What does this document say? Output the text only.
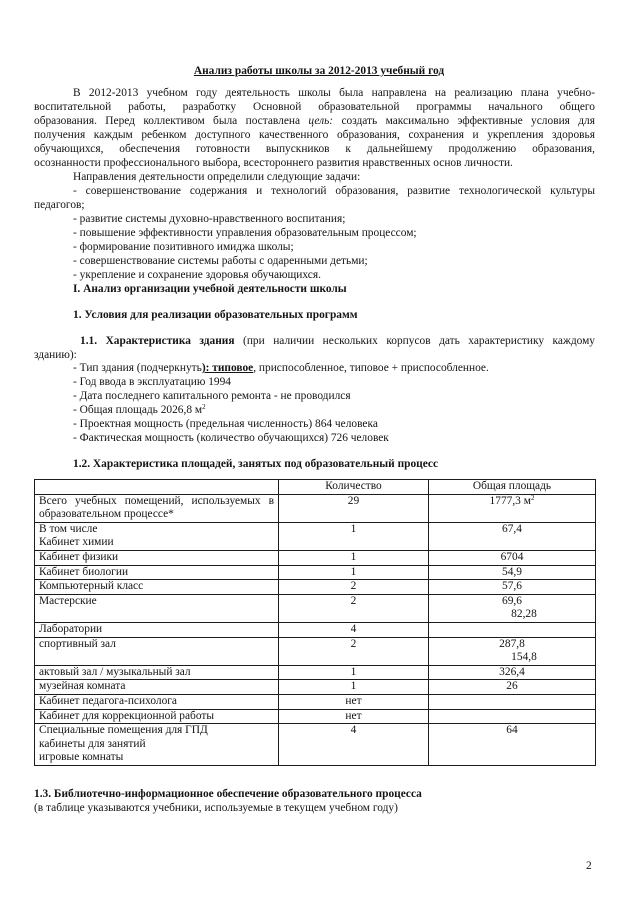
Анализ работы школы за 2012-2013 учебный год

В 2012-2013 учебном году деятельность школы была направлена на реализацию плана учебно-

воспитательной работы, разработку Основной образовательной программы начального общего

образования. Перед коллективом была поставлена цель: создать максимально эффективные условия для

получения каждым ребенком доступного качественного образования, сохранения и укрепления здоровья

обучающихся, обеспечения готовности выпускников к дальнейшему продолжению образования,

осознанности профессионального выбора, всестороннего развития нравственных основ личности.

Направления деятельности определили следующие задачи:

- совершенствование содержания и технологий образования, развитие технологической культуры

педагогов;

- развитие системы духовно-нравственного воспитания;

- повышение эффективности управления образовательным процессом;

- формирование позитивного имиджа школы;

- совершенствование системы работы с одаренными детьми;

- укрепление и сохранение здоровья обучающихся.

I. Анализ организации учебной деятельности школы

1. Условия для реализации образовательных программ

1.1. Характеристика здания (при наличии нескольких корпусов дать характеристику каждому

зданию):

- Тип здания (подчеркнуть): типовое, приспособленное, типовое + приспособленное.

- Год ввода в эксплуатацию 1994

- Дата последнего капитального ремонта - не проводился

- Общая площадь 2026,8 $м^2$

- Проектная мощность (предельная численность) 864 человека

- Фактическая мощность (количество обучающихся) 726 человек

1.2. Характеристика площадей, занятых под образовательный процесс

	Количество	Общая площадь

Всего учебных помещений, используемых в
образовательном процессе*	29	1777,3 $м^2$

В том числе
Кабинет химии	1	67,4

Кабинет физики	1	6704

Кабинет биологии	1	54,9

Компьютерный класс	2	57,6

Мастерские	2	69,6
82,28

Лаборатории	4	

спортивный зал	2	287,8
154,8

актовый зал / музыкальный зал	1	326,4

музейная комната	1	26

Кабинет педагога-психолога	нет	

Кабинет для коррекционной работы	нет	

Специальные помещения для ГПД
кабинеты для занятий
игровые комнаты	4	64

1.3. Библиотечно-информационное обеспечение образовательного процесса

(в таблице указываются учебники, используемые в текущем учебном году)

2
